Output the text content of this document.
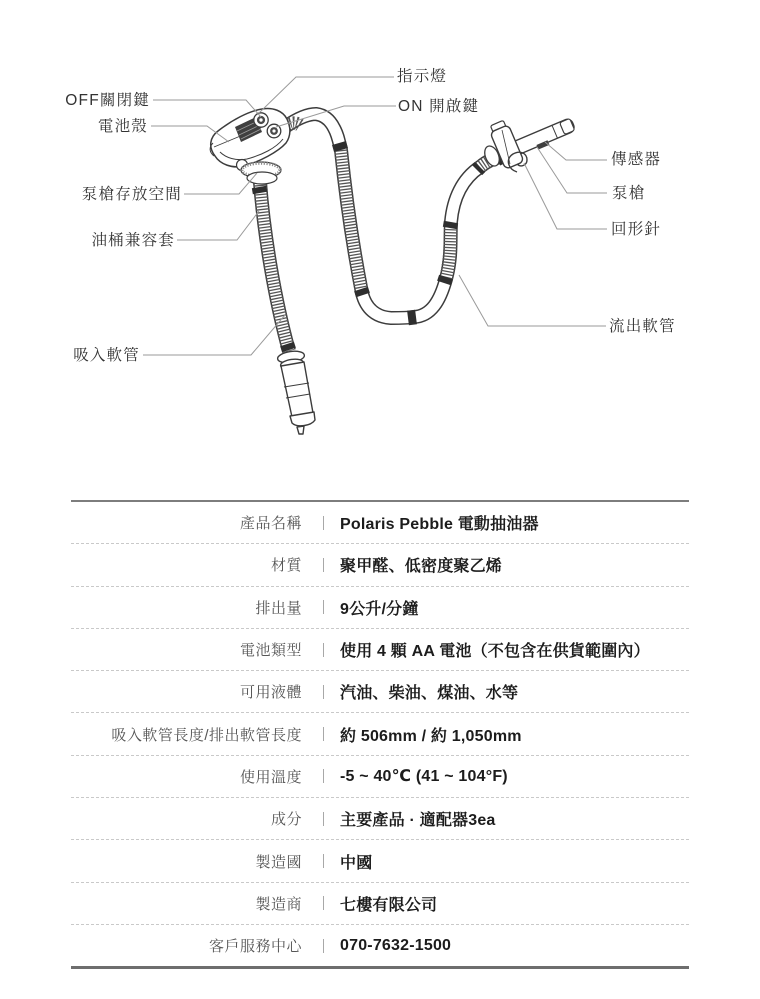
OFF關閉鍵
電池殼
指示燈
ON 開啟鍵
泵槍存放空間
油桶兼容套
吸入軟管
傳感器
泵槍
回形針
流出軟管
產品名稱	Polaris Pebble 電動抽油器
材質	聚甲醛、低密度聚乙烯
排出量	9公升/分鐘
電池類型	使用 4 顆 AA 電池（不包含在供貨範圍內）
可用液體	汽油、柴油、煤油、水等
吸入軟管長度/排出軟管長度	約 506mm / 約 1,050mm
使用溫度	-5 ~ 40℃ (41 ~ 104°F)
成分	主要產品 · 適配器3ea
製造國	中國
製造商	七樓有限公司
客戶服務中心	070-7632-1500
